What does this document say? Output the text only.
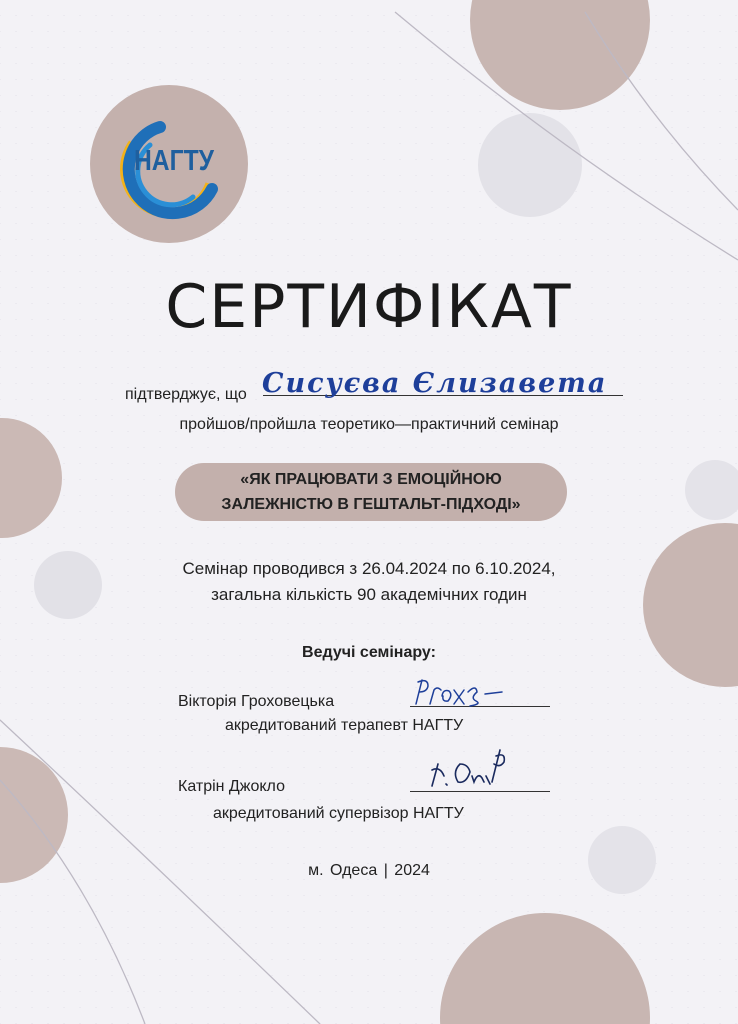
НАГТУ
СЕРТИФІКАТ
підтверджує, що Сисуєва Єлизавета
пройшов/пройшла теоретико—практичний семінар
«ЯК ПРАЦЮВАТИ З ЕМОЦІЙНОЮ
ЗАЛЕЖНІСТЮ В ГЕШТАЛЬТ-ПІДХОДІ»
Семінар проводився з 26.04.2024 по 6.10.2024,
загальна кількість 90 академічних годин
Ведучі семінару:
Вікторія Гроховецька
акредитований терапевт НАГТУ
Катрін Джокло
акредитований супервізор НАГТУ
м. Одеса | 2024
